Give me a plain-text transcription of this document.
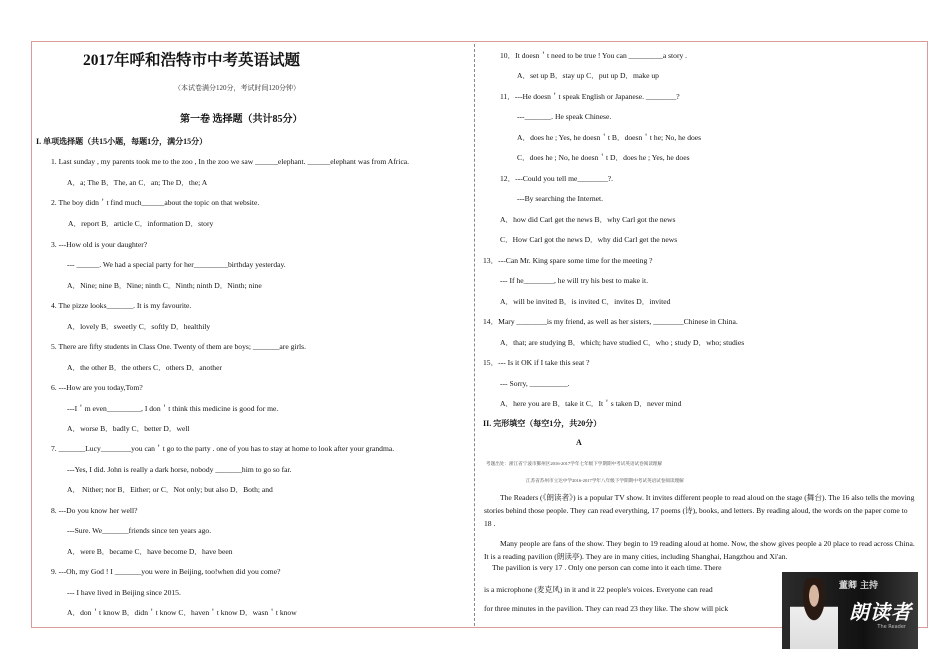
2017年呼和浩特市中考英语试题
（本试卷满分120分，考试时间120分钟）
第一卷 选择题（共计85分）
I. 单项选择题（共15小题，每题1分，满分15分）
1. Last sunday , my parents took me to the zoo , In the zoo we saw ______elephant. ______elephant was from Africa.
A．a; The B．The, an C．an; The D．the; A
2. The boy didn＇t find much______about the topic on that website.
A．report B．article C．information D．story
3. ---How old is your daughter?
--- ______. We had a special party for her_________birthday yesterday.
A．Nine; nine B．Nine; ninth C．Ninth; ninth D．Ninth; nine
4. The pizze looks_______. It is my favourite.
A．lovely B．sweetly C．softly D．healthily
5. There are fifty students in Class One. Twenty of them are boys; _______are girls.
A．the other B．the others C．others D．another
6. ---How are you today,Tom?
---I＇m even_________, I don＇t think this medicine is good for me.
A．worse B．badly C．better D．well
7. _______Lucy________you can＇t go to the party . one of you has to stay at home to look after your grandma.
---Yes, I did. John is really a dark horse, nobody _______him to go so far.
A． Nither; nor B．Either; or C．Not only; but also D．Both; and
8. ---Do you know her well?
---Sure. We_______friends since ten years ago.
A．were B．became C．have become D．have been
9. ---Oh, my God ! I _______you were in Beijing, too!when did you come?
--- I have lived in Beijing since 2015.
A．don＇t know B．didn＇t know C．haven＇t know D．wasn＇t know
10．It doesn＇t need to be true ! You can _________a story .
A．set up B．stay up C．put up D．make up
11．---He doesn＇t speak English or Japanese. ________?
---_______. He speak Chinese.
A．does he ; Yes, he doesn＇t B．doesn＇t he; No, he does
C．does he ; No, he doesn＇t D．does he ; Yes, he does
12．---Could you tell me________?.
---By searching the Internet.
A．how did Carl get the news B．why Carl got the news
C．How Carl got the news D．why did Carl get the news
13．---Can Mr. King spare some time for the meeting ?
--- If he________, he will try his best to make it.
A．will be invited B．is invited C．invites D．invited
14．Mary ________is my friend, as well as her sisters, ________Chinese in China.
A．that; are studying B．which; have studied C．who ; study D．who; studies
15．--- Is it OK if I take this seat ?
--- Sorry, __________.
A．here you are B．take it C．It＇s taken D．never mind
II. 完形填空（每空1分，共20分）
A
考题出处：浙江省宁波市鄞州区2016-2017学年七年级下学期期中考试英语试卷阅读理解
江苏省苏州市立达中学2016-2017学年八年级下学期期中考试英语试卷阅读理解
The Readers (《朗读者》) is a popular TV show. It invites different people to read aloud on the stage (舞台). The 16 also tells the moving stories behind those people. They can read everything, 17 poems (诗), books, and letters. By reading aloud, the words on the paper come to 18 .
Many people are fans of the show. They begin to 19 reading aloud at home. Now, the show gives people a 20 place to read across China. It is a reading pavilion (朗读亭). They are in many cities, including Shanghai, Hangzhou and Xi'an.
The pavilion is very 17 . Only one person can come into it each time. There
is a microphone (麦克风) in it and it 22 people's voices. Everyone can read
for three minutes in the pavilion. They can read 23 they like. The show will pick
董卿 主持
朗读者
The Reader
